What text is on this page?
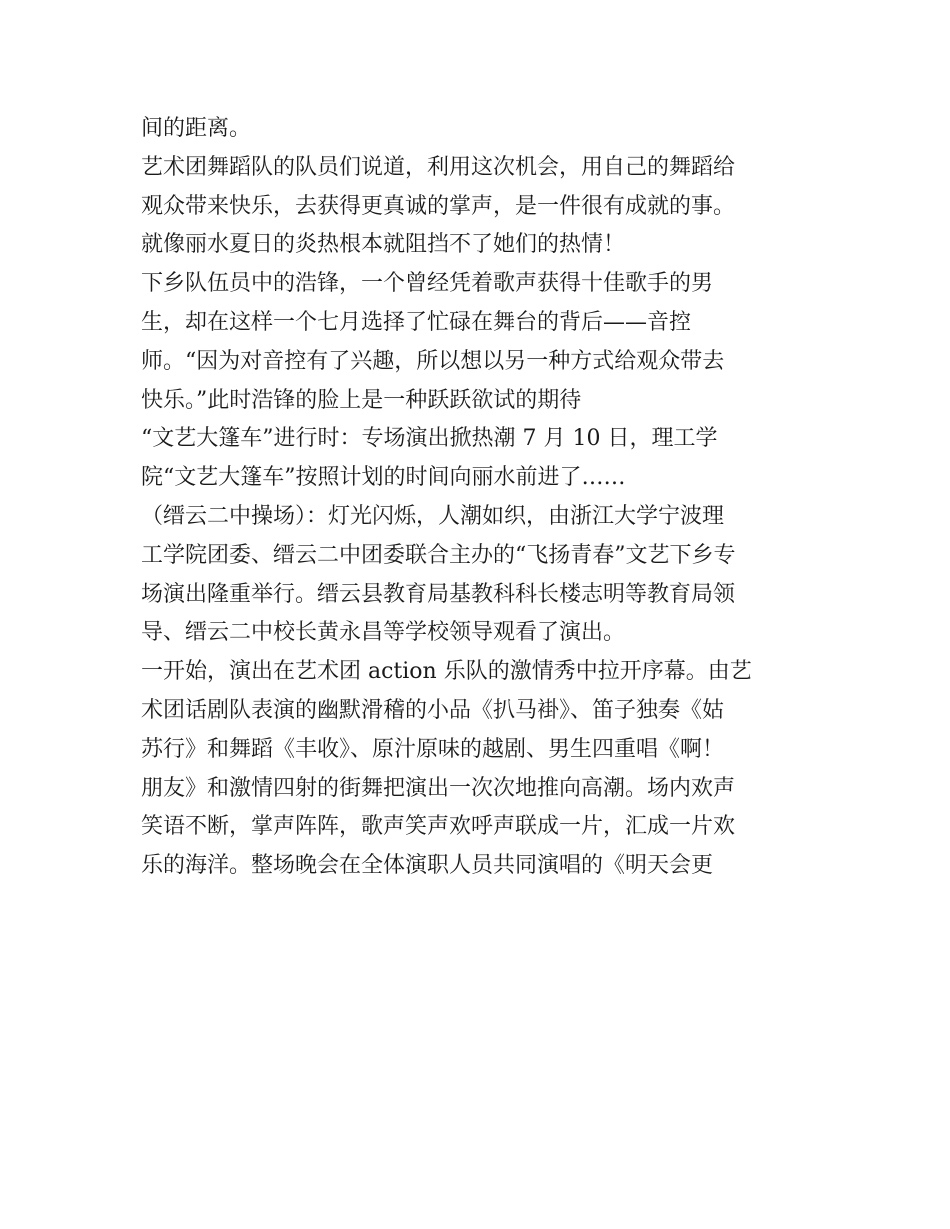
间的距离。

艺术团舞蹈队的队员们说道，利用这次机会，用自己的舞蹈给

观众带来快乐，去获得更真诚的掌声，是一件很有成就的事。

就像丽水夏日的炎热根本就阻挡不了她们的热情！

下乡队伍员中的浩锋，一个曾经凭着歌声获得十佳歌手的男

生，却在这样一个七月选择了忙碌在舞台的背后——音控

师。“因为对音控有了兴趣，所以想以另一种方式给观众带去

快乐。”此时浩锋的脸上是一种跃跃欲试的期待

“文艺大篷车”进行时：专场演出掀热潮 7 月 10 日，理工学

院“文艺大篷车”按照计划的时间向丽水前进了……

（缙云二中操场）：灯光闪烁，人潮如织，由浙江大学宁波理

工学院团委、缙云二中团委联合主办的“飞扬青春”文艺下乡专

场演出隆重举行。缙云县教育局基教科科长楼志明等教育局领

导、缙云二中校长黄永昌等学校领导观看了演出。

一开始，演出在艺术团 action 乐队的激情秀中拉开序幕。由艺

术团话剧队表演的幽默滑稽的小品《扒马褂》、笛子独奏《姑

苏行》和舞蹈《丰收》、原汁原味的越剧、男生四重唱《啊！

朋友》和激情四射的街舞把演出一次次地推向高潮。场内欢声

笑语不断，掌声阵阵，歌声笑声欢呼声联成一片，汇成一片欢

乐的海洋。整场晚会在全体演职人员共同演唱的《明天会更
